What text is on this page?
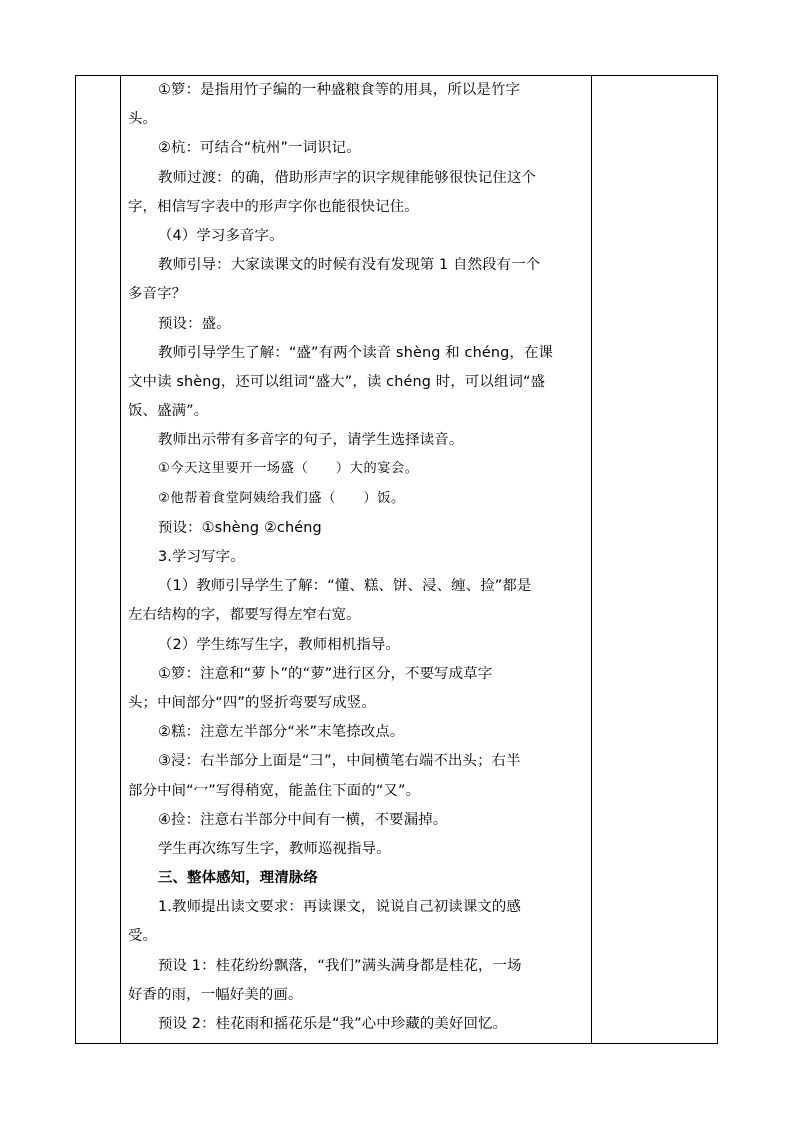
①箩：是指用竹子编的一种盛粮食等的用具，所以是竹字
头。
②杭：可结合“杭州”一词识记。
教师过渡：的确，借助形声字的识字规律能够很快记住这个
字，相信写字表中的形声字你也能很快记住。
（4）学习多音字。
教师引导：大家读课文的时候有没有发现第 1 自然段有一个
多音字？
预设：盛。
教师引导学生了解：“盛”有两个读音 shèng 和 chéng，在课
文中读 shèng，还可以组词“盛大”，读 chéng 时，可以组词“盛
饭、盛满”。
教师出示带有多音字的句子，请学生选择读音。
①今天这里要开一场盛（　　）大的宴会。
②他帮着食堂阿姨给我们盛（　　）饭。
预设：①shèng ②chéng
3.学习写字。
（1）教师引导学生了解：“懂、糕、饼、浸、缠、捡”都是
左右结构的字，都要写得左窄右宽。
（2）学生练写生字，教师相机指导。
①箩：注意和“萝卜”的“萝”进行区分，不要写成草字
头；中间部分“四”的竖折弯要写成竖。
②糕：注意左半部分“米”末笔捺改点。
③浸：右半部分上面是“彐”，中间横笔右端不出头；右半
部分中间“冖”写得稍宽，能盖住下面的“又”。
④捡：注意右半部分中间有一横，不要漏掉。
学生再次练写生字，教师巡视指导。
三、整体感知，理清脉络
1.教师提出读文要求：再读课文，说说自己初读课文的感
受。
预设 1：桂花纷纷飘落，“我们”满头满身都是桂花，一场
好香的雨，一幅好美的画。
预设 2：桂花雨和摇花乐是“我”心中珍藏的美好回忆。
